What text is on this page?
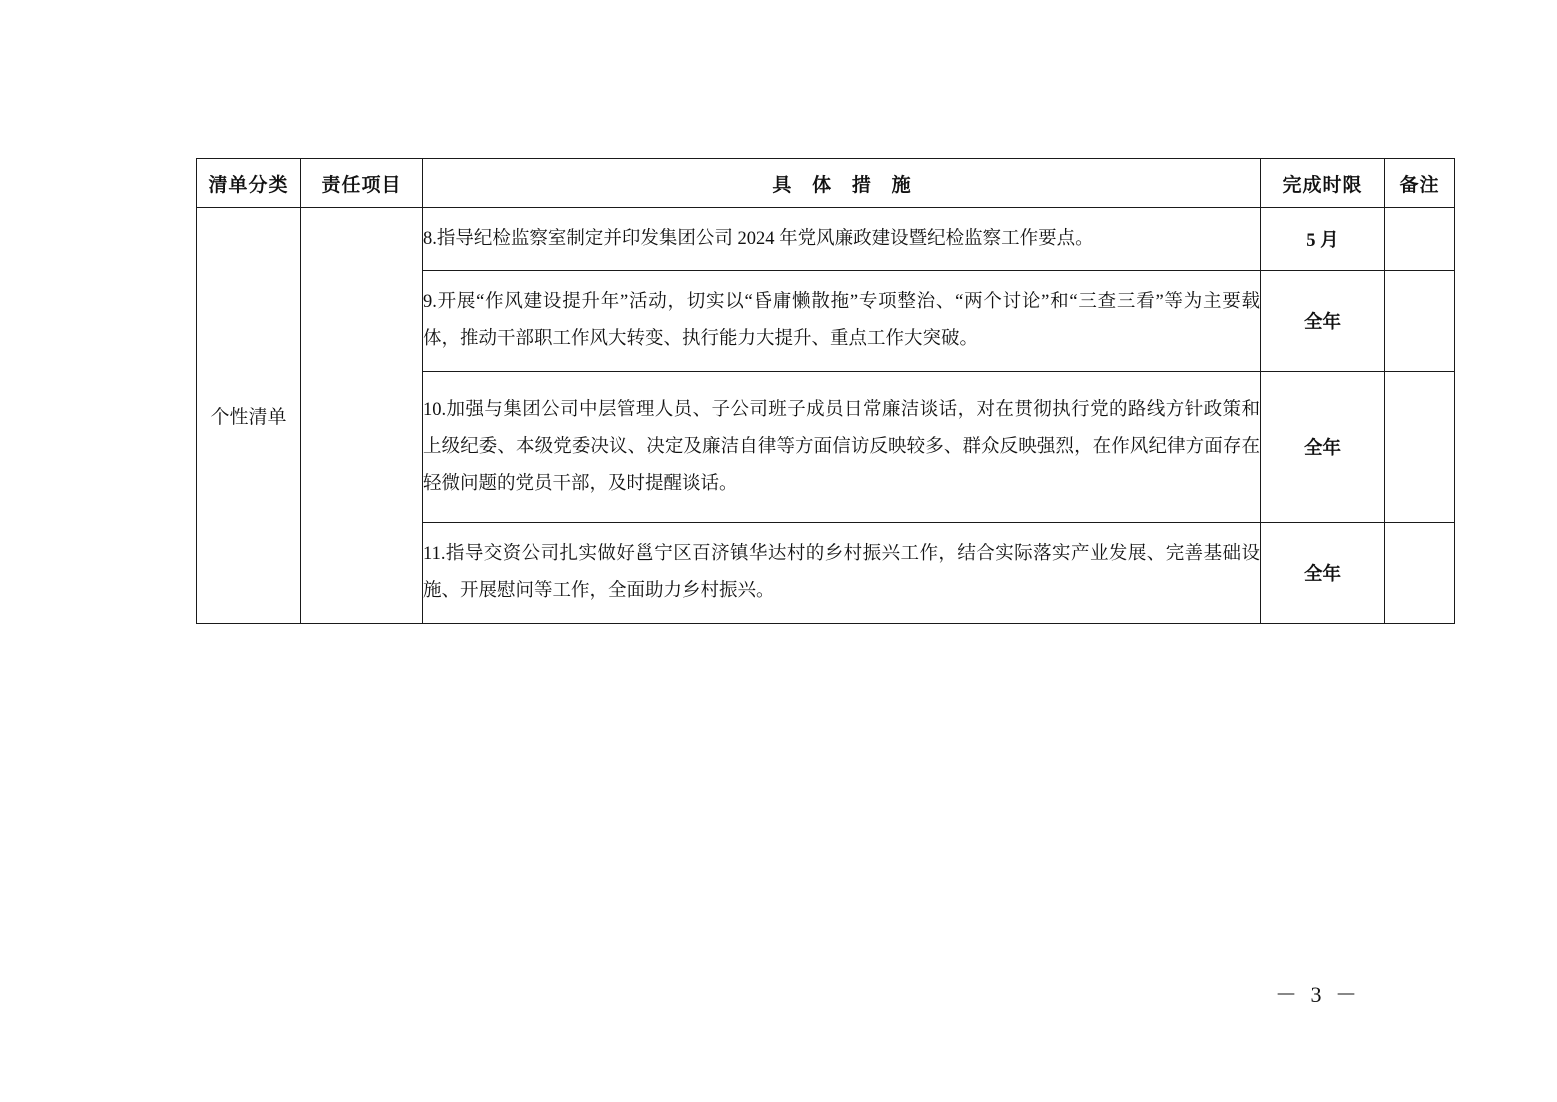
清单分类	责任项目	具 体 措 施	完成时限	备注
个性清单		8.指导纪检监察室制定并印发集团公司 2024 年党风廉政建设暨纪检监察工作要点。	5 月	
		9.开展“作风建设提升年”活动，切实以“昏庸懒散拖”专项整治、“两个讨论”和“三查三看”等为主要载体，推动干部职工作风大转变、执行能力大提升、重点工作大突破。	全年	
		10.加强与集团公司中层管理人员、子公司班子成员日常廉洁谈话，对在贯彻执行党的路线方针政策和上级纪委、本级党委决议、决定及廉洁自律等方面信访反映较多、群众反映强烈，在作风纪律方面存在轻微问题的党员干部，及时提醒谈话。	全年	
		11.指导交资公司扎实做好邕宁区百济镇华达村的乡村振兴工作，结合实际落实产业发展、完善基础设施、开展慰问等工作，全面助力乡村振兴。	全年	
－ 3 －
